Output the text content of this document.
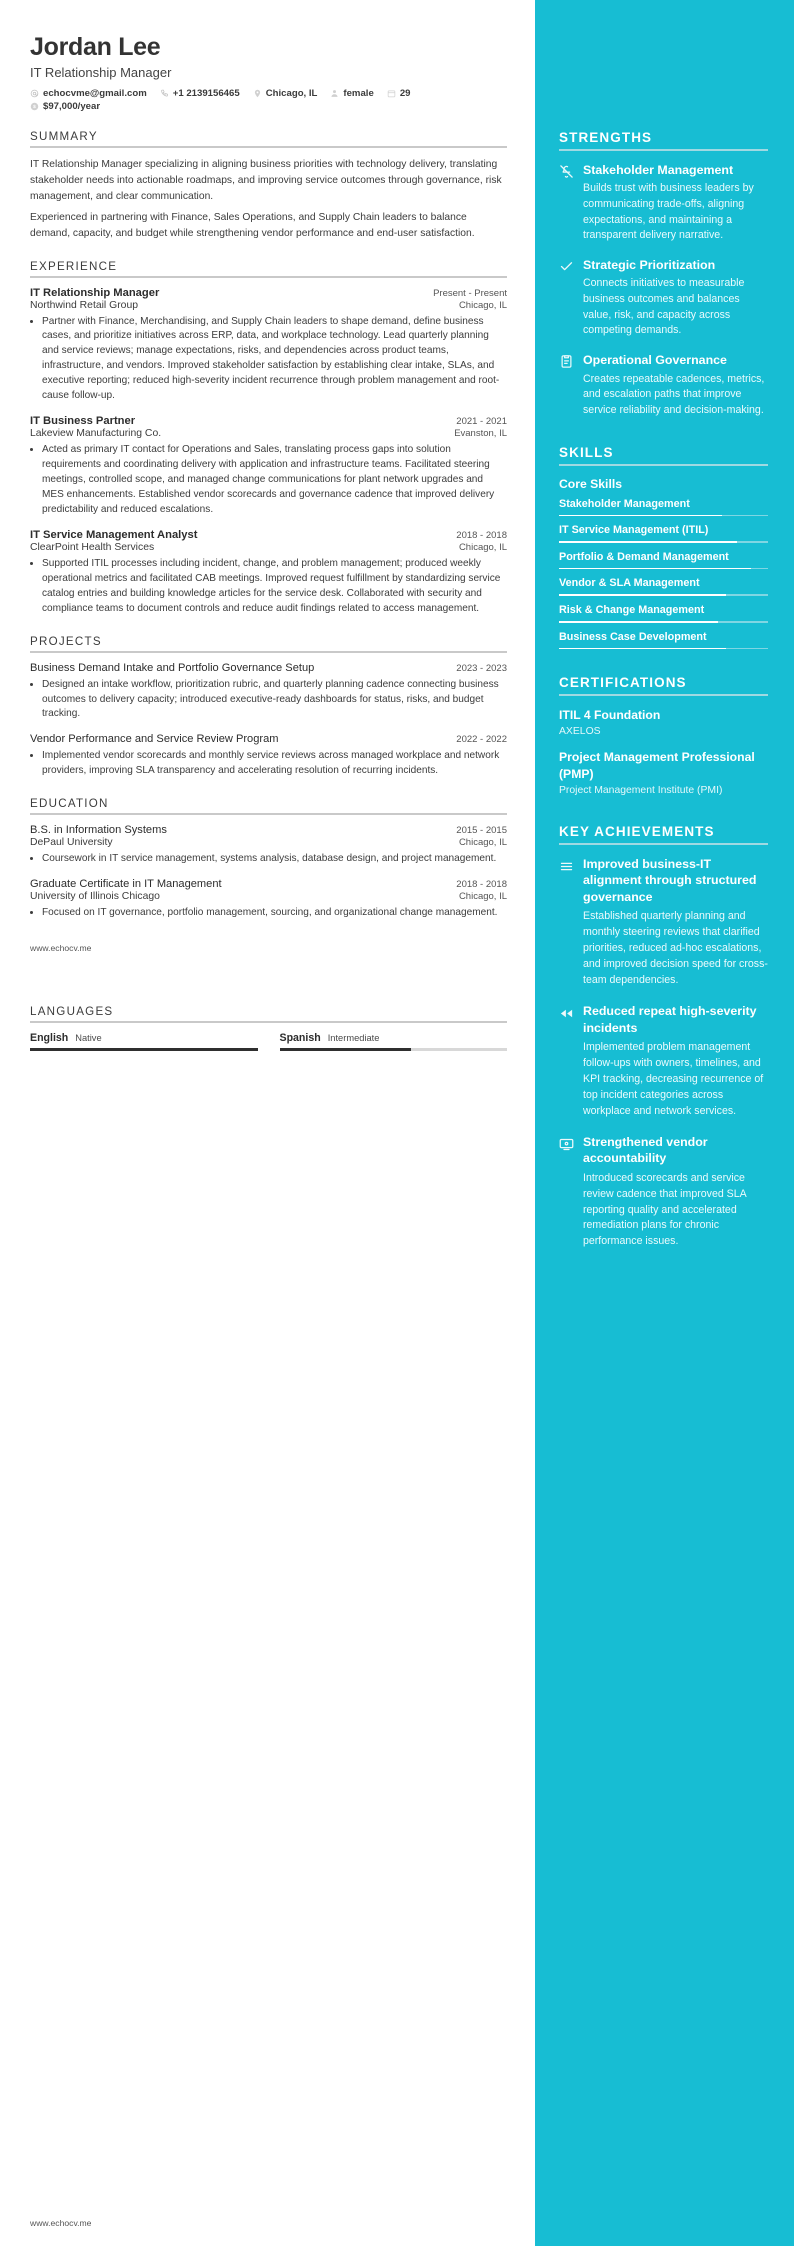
STRENGTHS
Stakeholder Management
Builds trust with business leaders by communicating trade-offs, aligning expectations, and maintaining a transparent delivery narrative.
Strategic Prioritization
Connects initiatives to measurable business outcomes and balances value, risk, and capacity across competing demands.
Operational Governance
Creates repeatable cadences, metrics, and escalation paths that improve service reliability and decision-making.
SKILLS
Core Skills
Stakeholder Management
IT Service Management (ITIL)
Portfolio & Demand Management
Vendor & SLA Management
Risk & Change Management
Business Case Development
CERTIFICATIONS
ITIL 4 Foundation
AXELOS
Project Management Professional (PMP)
Project Management Institute (PMI)
KEY ACHIEVEMENTS
Improved business-IT alignment through structured governance
Established quarterly planning and monthly steering reviews that clarified priorities, reduced ad-hoc escalations, and improved decision speed for cross-team dependencies.
Reduced repeat high-severity incidents
Implemented problem management follow-ups with owners, timelines, and KPI tracking, decreasing recurrence of top incident categories across workplace and network services.
Strengthened vendor accountability
Introduced scorecards and service review cadence that improved SLA reporting quality and accelerated remediation plans for chronic performance issues.
Jordan Lee
IT Relationship Manager
echocvme@gmail.com	+1 2139156465	Chicago, IL	female	29
$ $97,000/year
SUMMARY

IT Relationship Manager specializing in aligning business priorities with technology delivery, translating stakeholder needs into actionable roadmaps, and improving service outcomes through governance, risk management, and clear communication.

Experienced in partnering with Finance, Sales Operations, and Supply Chain leaders to balance demand, capacity, and budget while strengthening vendor performance and end-user satisfaction.

EXPERIENCE
IT Relationship Manager	Present - Present
Northwind Retail Group	Chicago, IL
• Partner with Finance, Merchandising, and Supply Chain leaders to shape demand, define business cases, and prioritize initiatives across ERP, data, and workplace technology. Lead quarterly planning and service reviews; manage expectations, risks, and dependencies across product teams, infrastructure, and vendors. Improved stakeholder satisfaction by establishing clear intake, SLAs, and executive reporting; reduced high-severity incident recurrence through problem management and root-cause follow-up.
IT Business Partner	2021 - 2021
Lakeview Manufacturing Co.	Evanston, IL
• Acted as primary IT contact for Operations and Sales, translating process gaps into solution requirements and coordinating delivery with application and infrastructure teams. Facilitated steering meetings, controlled scope, and managed change communications for plant network upgrades and MES enhancements. Established vendor scorecards and governance cadence that improved delivery predictability and reduced escalations.
IT Service Management Analyst	2018 - 2018
ClearPoint Health Services	Chicago, IL
• Supported ITIL processes including incident, change, and problem management; produced weekly operational metrics and facilitated CAB meetings. Improved request fulfillment by standardizing service catalog entries and building knowledge articles for the service desk. Collaborated with security and compliance teams to document controls and reduce audit findings related to access management.
PROJECTS
Business Demand Intake and Portfolio Governance Setup	2023 - 2023
• Designed an intake workflow, prioritization rubric, and quarterly planning cadence connecting business outcomes to delivery capacity; introduced executive-ready dashboards for status, risks, and budget tracking.
Vendor Performance and Service Review Program	2022 - 2022
• Implemented vendor scorecards and monthly service reviews across managed workplace and network providers, improving SLA transparency and accelerating resolution of recurring incidents.
EDUCATION
B.S. in Information Systems	2015 - 2015
DePaul University	Chicago, IL
• Coursework in IT service management, systems analysis, database design, and project management.
Graduate Certificate in IT Management	2018 - 2018
University of Illinois Chicago	Chicago, IL
• Focused on IT governance, portfolio management, sourcing, and organizational change management.
www.echocv.me
LANGUAGES
English Native	Spanish Intermediate
www.echocv.me
